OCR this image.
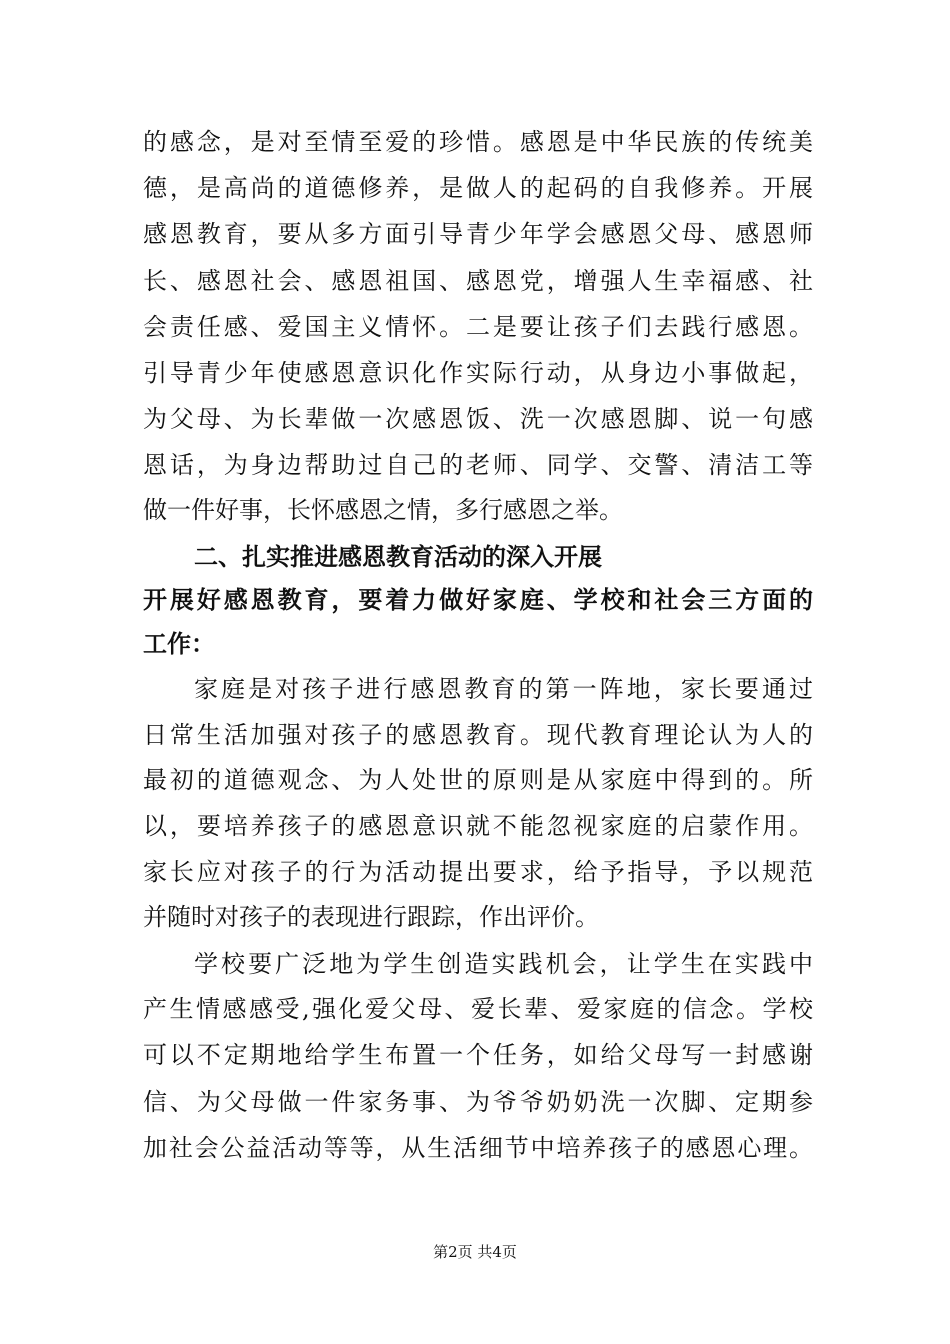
的感念，是对至情至爱的珍惜。感恩是中华民族的传统美
德，是高尚的道德修养，是做人的起码的自我修养。开展
感恩教育，要从多方面引导青少年学会感恩父母、感恩师
长、感恩社会、感恩祖国、感恩党，增强人生幸福感、社
会责任感、爱国主义情怀。二是要让孩子们去践行感恩。
引导青少年使感恩意识化作实际行动，从身边小事做起，
为父母、为长辈做一次感恩饭、洗一次感恩脚、说一句感
恩话，为身边帮助过自己的老师、同学、交警、清洁工等
做一件好事，长怀感恩之情，多行感恩之举。
二、扎实推进感恩教育活动的深入开展
开展好感恩教育，要着力做好家庭、学校和社会三方面的
工作：
家庭是对孩子进行感恩教育的第一阵地，家长要通过
日常生活加强对孩子的感恩教育。现代教育理论认为人的
最初的道德观念、为人处世的原则是从家庭中得到的。所
以，要培养孩子的感恩意识就不能忽视家庭的启蒙作用。
家长应对孩子的行为活动提出要求，给予指导，予以规范
并随时对孩子的表现进行跟踪，作出评价。
学校要广泛地为学生创造实践机会，让学生在实践中
产生情感感受,强化爱父母、爱长辈、爱家庭的信念。学校
可以不定期地给学生布置一个任务，如给父母写一封感谢
信、为父母做一件家务事、为爷爷奶奶洗一次脚、定期参
加社会公益活动等等，从生活细节中培养孩子的感恩心理。
第2页 共4页
